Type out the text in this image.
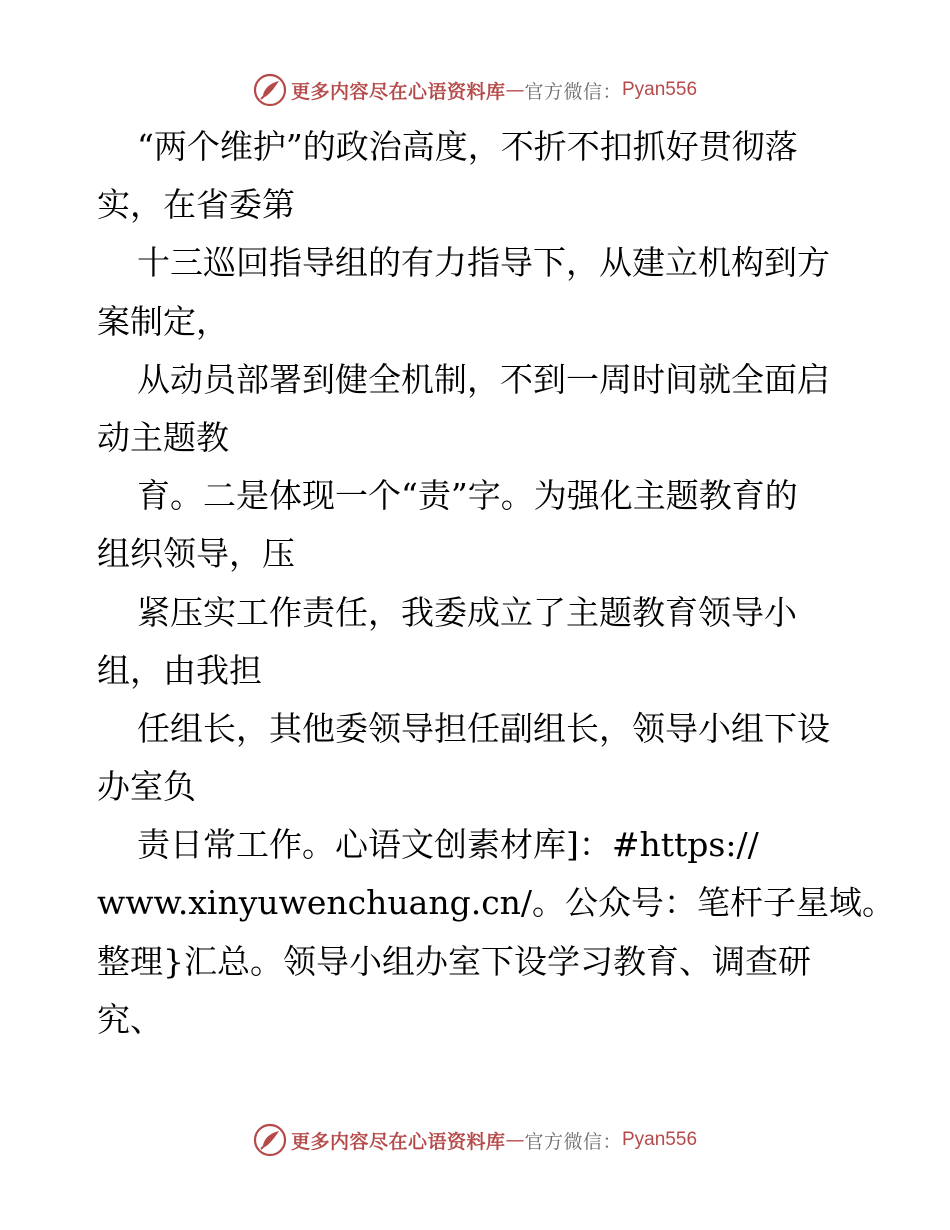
更多内容尽在心语资料库 — 官方微信： Pyan556

“两个维护”的政治高度，不折不扣抓好贯彻落

实，在省委第

十三巡回指导组的有力指导下，从建立机构到方

案制定，

从动员部署到健全机制，不到一周时间就全面启

动主题教

育。二是体现一个“责”字。为强化主题教育的

组织领导，压

紧压实工作责任，我委成立了主题教育领导小

组，由我担

任组长，其他委领导担任副组长，领导小组下设

办室负

责日常工作。心语文创素材库]：#https://

www.xinyuwenchuang.cn/。公众号：笔杆子星域。

整理}汇总。领导小组办室下设学习教育、调查研

究、

更多内容尽在心语资料库 — 官方微信： Pyan556
